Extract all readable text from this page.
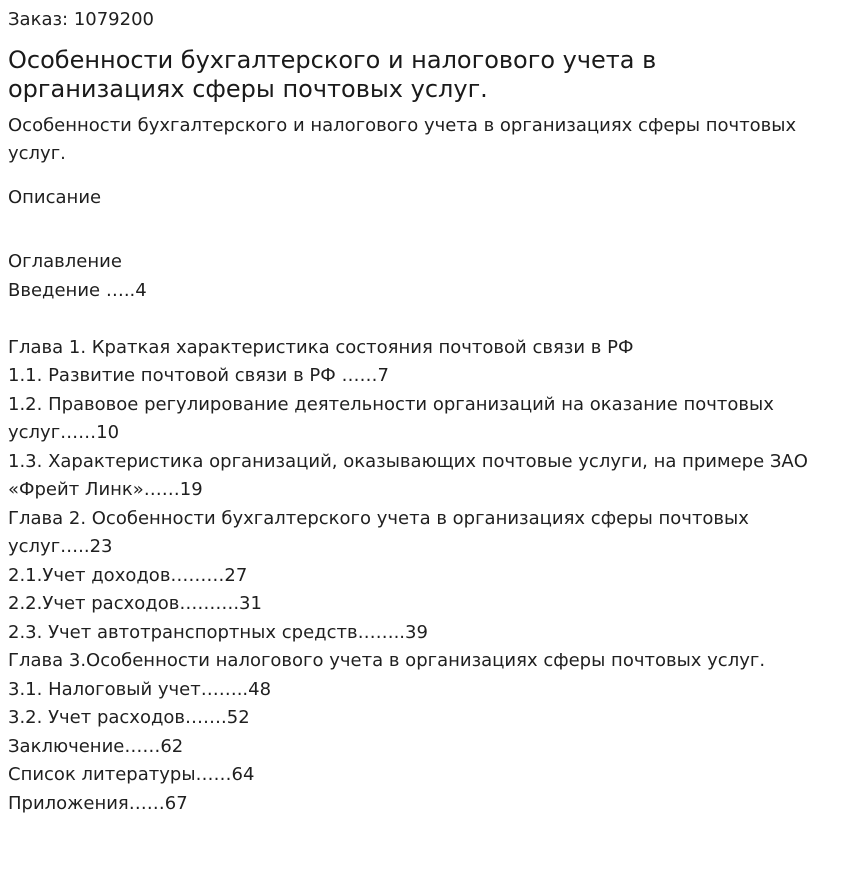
Заказ: 1079200

Особенности бухгалтерского и налогового учета в организациях сферы почтовых услуг.

Особенности бухгалтерского и налогового учета в организациях сферы почтовых услуг.

Описание
Оглавление
Введение …..4
Глава 1. Краткая характеристика состояния почтовой связи в РФ
1.1. Развитие почтовой связи в РФ ……7
1.2. Правовое регулирование деятельности организаций на оказание почтовых услуг……10
1.3. Характеристика организаций, оказывающих почтовые услуги, на примере ЗАО «Фрейт Линк»……19
Глава 2. Особенности бухгалтерского учета в организациях сферы почтовых услуг…..23
2.1.Учет доходов………27
2.2.Учет расходов……….31
2.3. Учет автотранспортных средств……..39
Глава 3.Особенности налогового учета в организациях сферы почтовых услуг.
3.1. Налоговый учет……..48
3.2. Учет расходов…….52
Заключение……62
Список литературы……64
Приложения……67
